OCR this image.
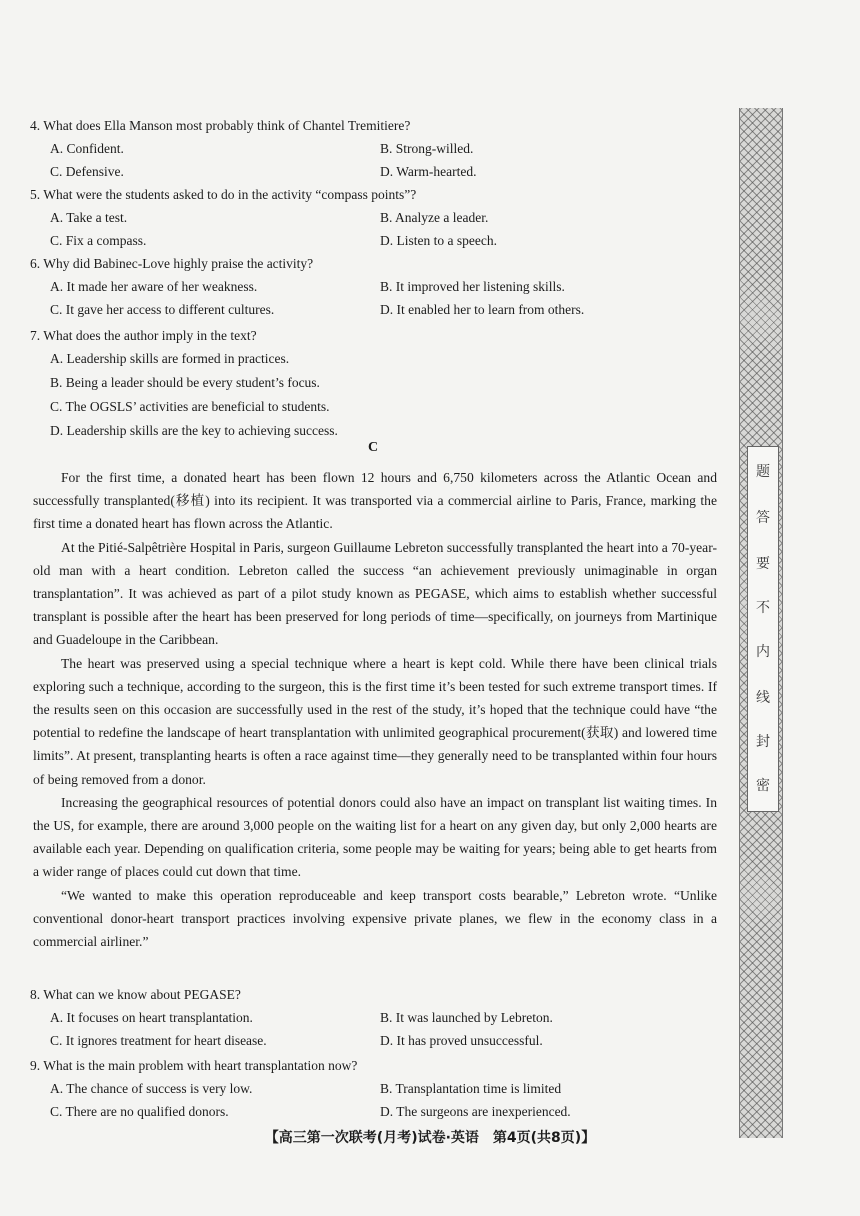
4. What does Ella Manson most probably think of Chantel Tremitiere?
A. Confident.	B. Strong-willed.
C. Defensive.	D. Warm-hearted.
5. What were the students asked to do in the activity “compass points”?
A. Take a test.	B. Analyze a leader.
C. Fix a compass.	D. Listen to a speech.
6. Why did Babinec-Love highly praise the activity?
A. It made her aware of her weakness.	B. It improved her listening skills.
C. It gave her access to different cultures.	D. It enabled her to learn from others.
7. What does the author imply in the text?
A. Leadership skills are formed in practices.
B. Being a leader should be every student’s focus.
C. The OGSLS’ activities are beneficial to students.
D. Leadership skills are the key to achieving success.
C

For the first time, a donated heart has been flown 12 hours and 6,750 kilometers across the Atlantic Ocean and successfully transplanted(移植) into its recipient. It was transported via a commercial airline to Paris, France, marking the first time a donated heart has flown across the Atlantic.

At the Pitié-Salpêtrière Hospital in Paris, surgeon Guillaume Lebreton successfully transplanted the heart into a 70-year-old man with a heart condition. Lebreton called the success “an achievement previously unimaginable in organ transplantation”. It was achieved as part of a pilot study known as PEGASE, which aims to establish whether successful transplant is possible after the heart has been preserved for long periods of time—specifically, on journeys from Martinique and Guadeloupe in the Caribbean.

The heart was preserved using a special technique where a heart is kept cold. While there have been clinical trials exploring such a technique, according to the surgeon, this is the first time it’s been tested for such extreme transport times. If the results seen on this occasion are successfully used in the rest of the study, it’s hoped that the technique could have “the potential to redefine the landscape of heart transplantation with unlimited geographical procurement(获取) and lowered time limits”. At present, transplanting hearts is often a race against time—they generally need to be transplanted within four hours of being removed from a donor.

Increasing the geographical resources of potential donors could also have an impact on transplant list waiting times. In the US, for example, there are around 3,000 people on the waiting list for a heart on any given day, but only 2,000 hearts are available each year. Depending on qualification criteria, some people may be waiting for years; being able to get hearts from a wider range of places could cut down that time.

“We wanted to make this operation reproduceable and keep transport costs bearable,” Lebreton wrote. “Unlike conventional donor-heart transport practices involving expensive private planes, we flew in the economy class in a commercial airliner.”

8. What can we know about PEGASE?
A. It focuses on heart transplantation.	B. It was launched by Lebreton.
C. It ignores treatment for heart disease.	D. It has proved unsuccessful.
9. What is the main problem with heart transplantation now?
A. The chance of success is very low.	B. Transplantation time is limited
C. There are no qualified donors.	D. The surgeons are inexperienced.
【高三第一次联考(月考)试卷·英语　第4页(共8页)】
题
答
要
不
内
线
封
密
